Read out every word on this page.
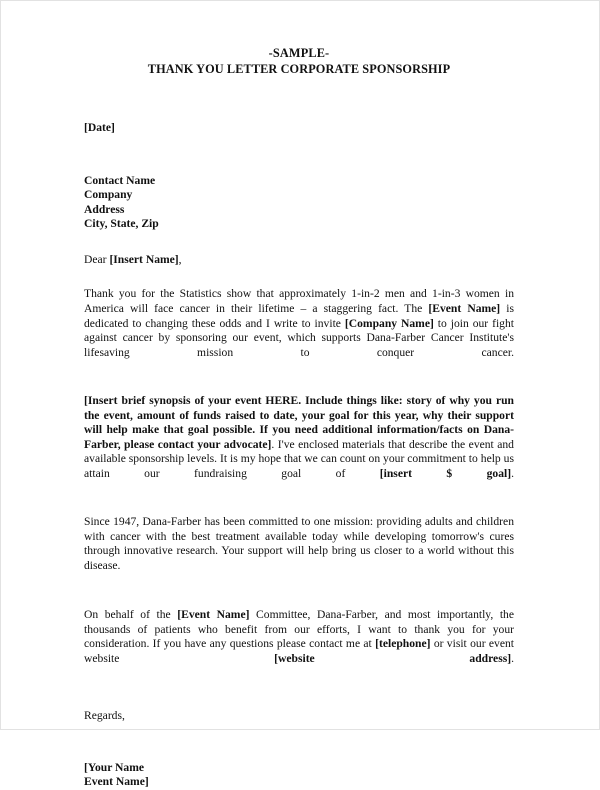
-SAMPLE-
THANK YOU LETTER CORPORATE SPONSORSHIP
[Date]
Contact Name
Company
Address
City, State, Zip
Dear [Insert Name],

Thank you for the Statistics show that approximately 1-in-2 men and 1-in-3 women in America will face cancer in their lifetime – a staggering fact. The [Event Name] is dedicated to changing these odds and I write to invite [Company Name] to join our fight against cancer by sponsoring our event, which supports Dana-Farber Cancer Institute's lifesaving mission to conquer cancer.

[Insert brief synopsis of your event HERE. Include things like: story of why you run the event, amount of funds raised to date, your goal for this year, why their support will help make that goal possible. If you need additional information/facts on Dana-Farber, please contact your advocate]. I've enclosed materials that describe the event and available sponsorship levels. It is my hope that we can count on your commitment to help us attain our fundraising goal of [insert $ goal].

Since 1947, Dana-Farber has been committed to one mission: providing adults and children with cancer with the best treatment available today while developing tomorrow's cures through innovative research. Your support will help bring us closer to a world without this disease.

On behalf of the [Event Name] Committee, Dana-Farber, and most importantly, the thousands of patients who benefit from our efforts, I want to thank you for your consideration. If you have any questions please contact me at [telephone] or visit our event website [website address].

Regards,
[Your Name
Event Name]
